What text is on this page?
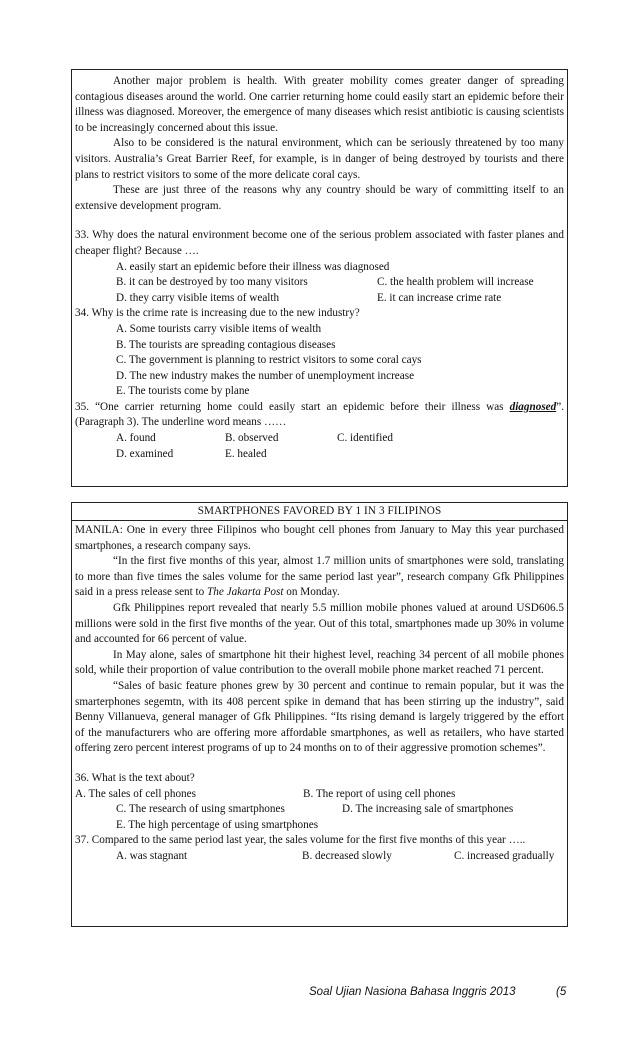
Another major problem is health. With greater mobility comes greater danger of spreading contagious diseases around the world. One carrier returning home could easily start an epidemic before their illness was diagnosed. Moreover, the emergence of many diseases which resist antibiotic is causing scientists to be increasingly concerned about this issue.

Also to be considered is the natural environment, which can be seriously threatened by too many visitors. Australia’s Great Barrier Reef, for example, is in danger of being destroyed by tourists and there plans to restrict visitors to some of the more delicate coral cays.

These are just three of the reasons why any country should be wary of committing itself to an extensive development program.

33. Why does the natural environment become one of the serious problem associated with faster planes and cheaper flight? Because ….

A. easily start an epidemic before their illness was diagnosed
B. it can be destroyed by too many visitors	C. the health problem will increase
D. they carry visible items of wealth	E. it can increase crime rate

34. Why is the crime rate is increasing due to the new industry?

A. Some tourists carry visible items of wealth
B. The tourists are spreading contagious diseases
C. The government is planning to restrict visitors to some coral cays
D. The new industry makes the number of unemployment increase
E. The tourists come by plane

35. “One carrier returning home could easily start an epidemic before their illness was diagnosed”. (Paragraph 3). The underline word means ……

A. found	B. observed	C. identified
D. examined	E. healed
SMARTPHONES FAVORED BY 1 IN 3 FILIPINOS

MANILA: One in every three Filipinos who bought cell phones from January to May this year purchased smartphones, a research company says.

“In the first five months of this year, almost 1.7 million units of smartphones were sold, translating to more than five times the sales volume for the same period last year”, research company Gfk Philippines said in a press release sent to The Jakarta Post on Monday.

Gfk Philippines report revealed that nearly 5.5 million mobile phones valued at around USD606.5 millions were sold in the first five months of the year. Out of this total, smartphones made up 30% in volume and accounted for 66 percent of value.

In May alone, sales of smartphone hit their highest level, reaching 34 percent of all mobile phones sold, while their proportion of value contribution to the overall mobile phone market reached 71 percent.

“Sales of basic feature phones grew by 30 percent and continue to remain popular, but it was the smarterphones segemtn, with its 408 percent spike in demand that has been stirring up the industry”, said Benny Villanueva, general manager of Gfk Philippines. “Its rising demand is largely triggered by the effort of the manufacturers who are offering more affordable smartphones, as well as retailers, who have started offering zero percent interest programs of up to 24 months on to of their aggressive promotion schemes”.

36. What is the text about?

A. The sales of cell phones	B. The report of using cell phones
C. The research of using smartphones	D. The increasing sale of smartphones
E. The high percentage of using smartphones

37. Compared to the same period last year, the sales volume for the first five months of this year …..

A. was stagnant	B. decreased slowly	C. increased gradually
Soal Ujian Nasiona Bahasa Inggris 2013	(5
